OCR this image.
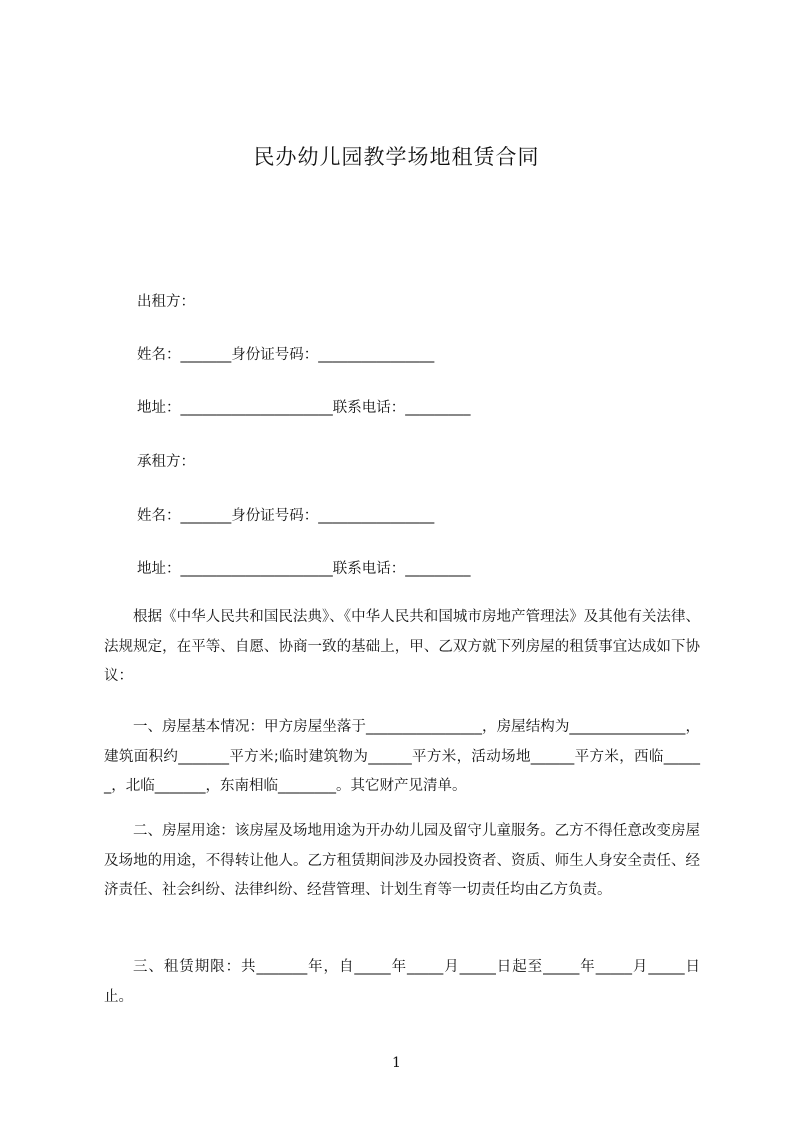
民办幼儿园教学场地租赁合同
出租方：
姓名：_______身份证号码：________________
地址：_____________________联系电话：_________
承租方：
姓名：_______身份证号码：________________
地址：_____________________联系电话：_________
根据《中华人民共和国民法典》、《中华人民共和国城市房地产管理法》及其他有关法律、法规规定，在平等、自愿、协商一致的基础上，甲、乙双方就下列房屋的租赁事宜达成如下协议：
一、房屋基本情况：甲方房屋坐落于________________，房屋结构为________________，建筑面积约_______平方米;临时建筑物为______平方米，活动场地______平方米，西临______，北临_______，东南相临________。其它财产见清单。
二、房屋用途：该房屋及场地用途为开办幼儿园及留守儿童服务。乙方不得任意改变房屋及场地的用途，不得转让他人。乙方租赁期间涉及办园投资者、资质、师生人身安全责任、经济责任、社会纠纷、法律纠纷、经营管理、计划生育等一切责任均由乙方负责。
三、租赁期限：共_______年，自_____年_____月_____日起至_____年_____月_____日止。
1
